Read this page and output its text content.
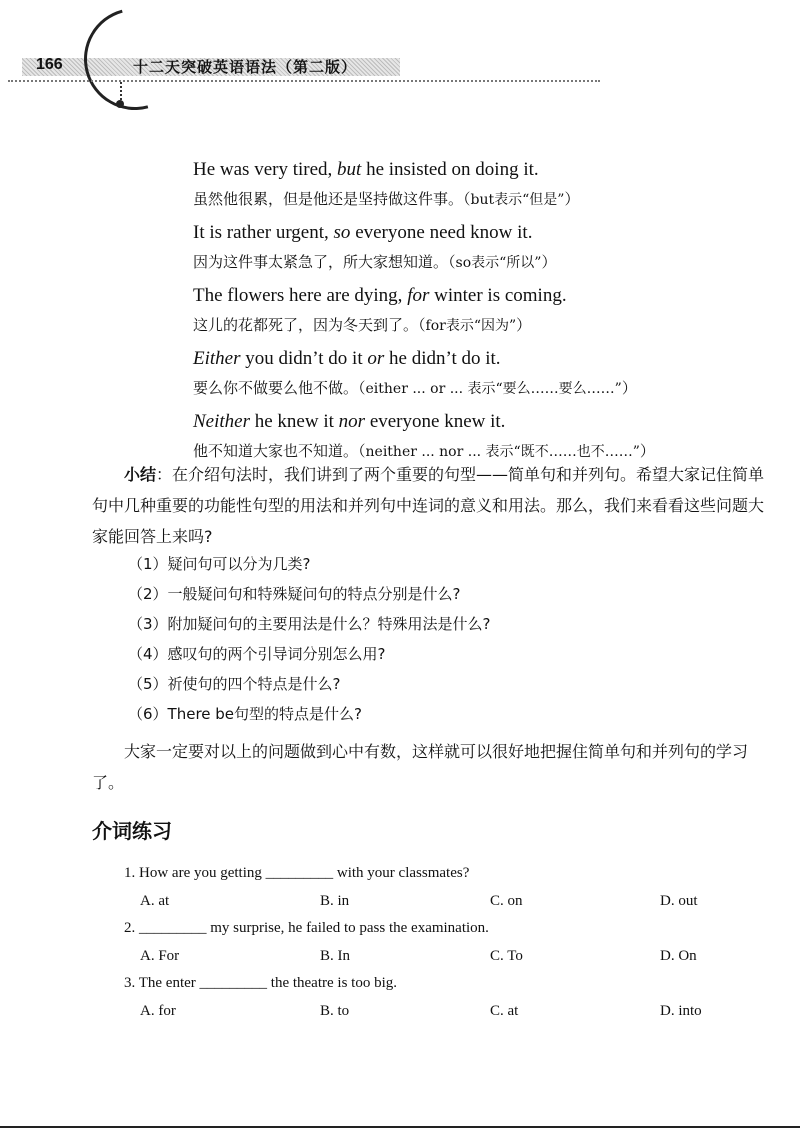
166	十二天突破英语语法（第二版）
He was very tired, but he insisted on doing it.
虽然他很累，但是他还是坚持做这件事。（but表示“但是”）
It is rather urgent, so everyone need know it.
因为这件事太紧急了，所大家想知道。（so表示“所以”）
The flowers here are dying, for winter is coming.
这儿的花都死了，因为冬天到了。（for表示“因为”）
Either you didn’t do it or he didn’t do it.
要么你不做要么他不做。（either ... or ... 表示“要么……要么……”）
Neither he knew it nor everyone knew it.
他不知道大家也不知道。（neither ... nor ... 表示“既不……也不……”）

小结：在介绍句法时，我们讲到了两个重要的句型——简单句和并列句。希望大家记住简单句中几种重要的功能性句型的用法和并列句中连词的意义和用法。那么，我们来看看这些问题大家能回答上来吗?

（1）疑问句可以分为几类?
（2）一般疑问句和特殊疑问句的特点分别是什么?
（3）附加疑问句的主要用法是什么？特殊用法是什么?
（4）感叹句的两个引导词分别怎么用?
（5）祈使句的四个特点是什么?
（6）There be句型的特点是什么?

大家一定要对以上的问题做到心中有数，这样就可以很好地把握住简单句和并列句的学习了。

介词练习
1. How are you getting _________ with your classmates?
A. at	B. in	C. on	D. out
2. _________ my surprise, he failed to pass the examination.
A. For	B. In	C. To	D. On
3. The enter _________ the theatre is too big.
A. for	B. to	C. at	D. into
